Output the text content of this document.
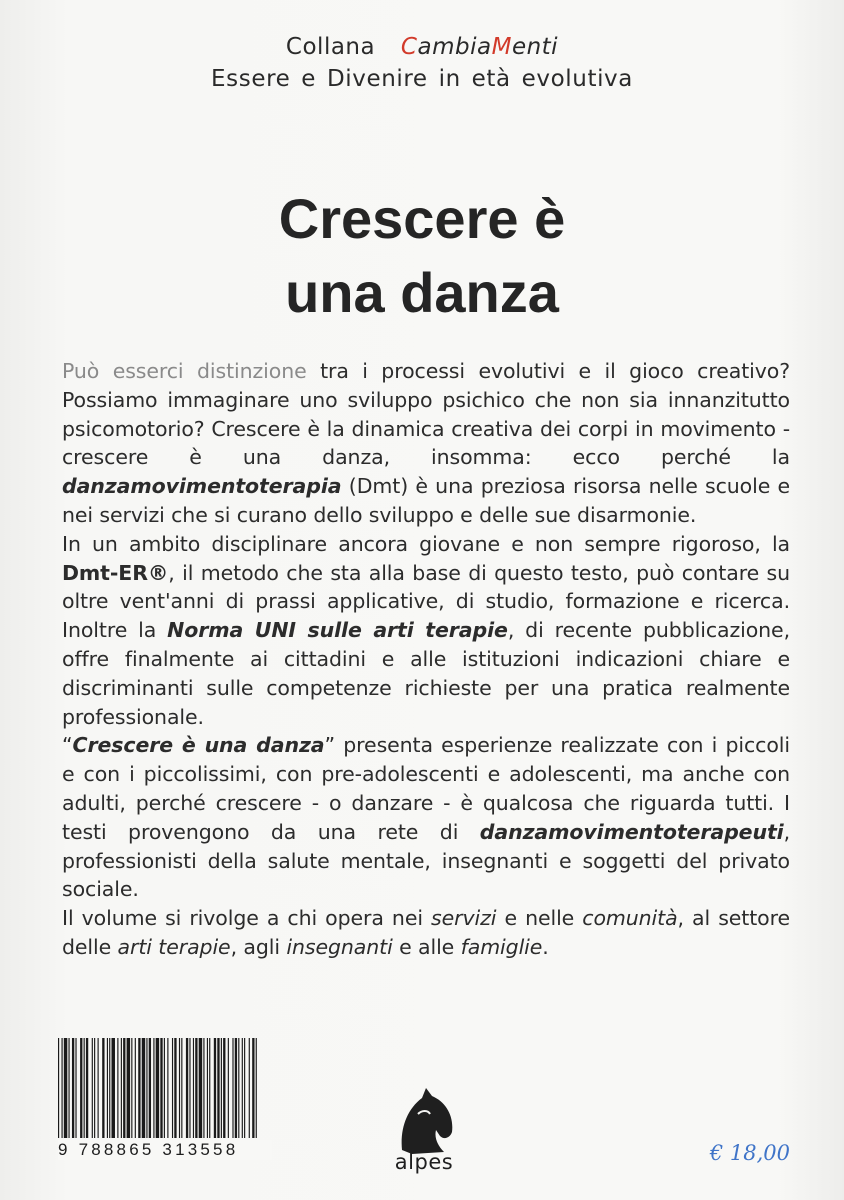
Collana CambiaMenti
Essere e Divenire in età evolutiva
Crescere è
una danza

Può esserci distinzione tra i processi evolutivi e il gioco creativo? Possiamo immaginare uno sviluppo psichico che non sia innanzitutto psicomotorio? Crescere è la dinamica creativa dei corpi in movimento - crescere è una danza, insomma: ecco perché la danzamovimentoterapia (Dmt) è una preziosa risorsa nelle scuole e nei servizi che si curano dello sviluppo e delle sue disarmonie.

In un ambito disciplinare ancora giovane e non sempre rigoroso, la Dmt-ER®, il metodo che sta alla base di questo testo, può contare su oltre vent'anni di prassi applicative, di studio, formazione e ricerca. Inoltre la Norma UNI sulle arti terapie, di recente pubblicazione, offre finalmente ai cittadini e alle istituzioni indicazioni chiare e discriminanti sulle competenze richieste per una pratica realmente professionale.

“Crescere è una danza” presenta esperienze realizzate con i piccoli e con i piccolissimi, con pre-adolescenti e adolescenti, ma anche con adulti, perché crescere - o danzare - è qualcosa che riguarda tutti. I testi provengono da una rete di danzamovimentoterapeuti, professionisti della salute mentale, insegnanti e soggetti del privato sociale.

Il volume si rivolge a chi opera nei servizi e nelle comunità, al settore delle arti terapie, agli insegnanti e alle famiglie.

9 788865 313558
alpes	€ 18,00
